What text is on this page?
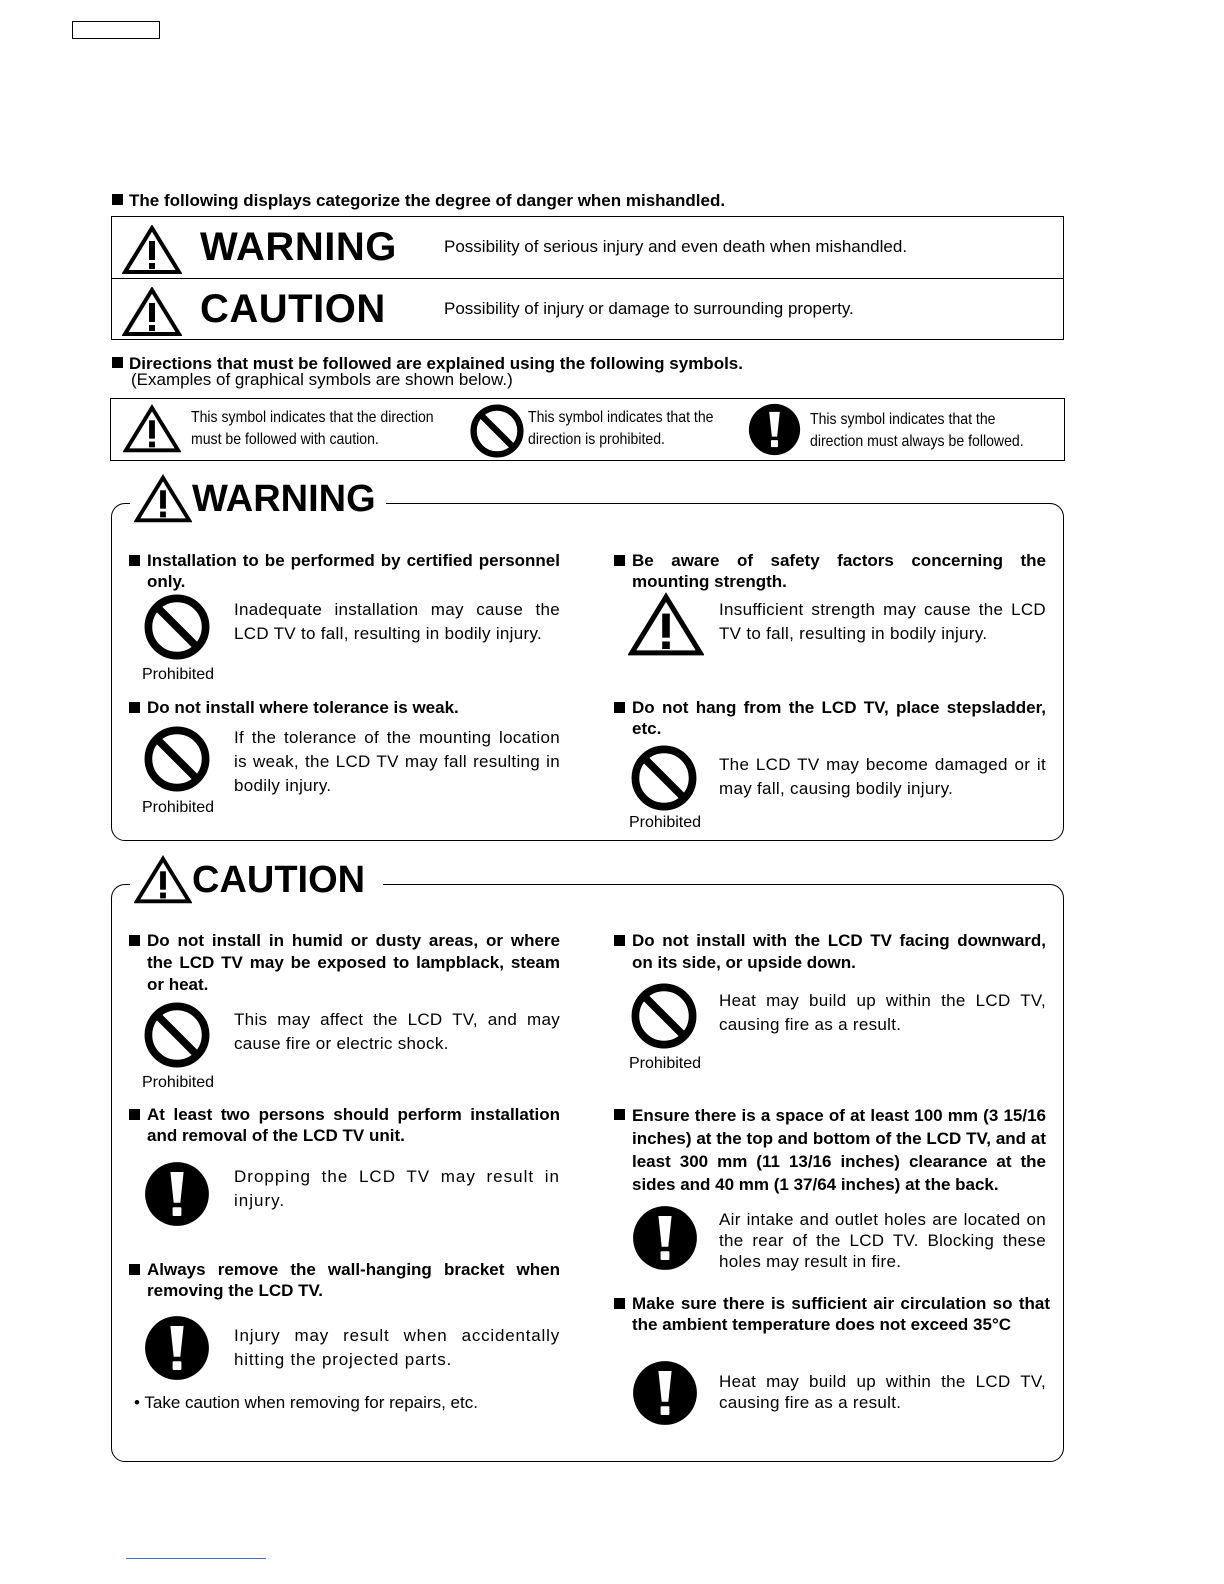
The following displays categorize the degree of danger when mishandled.
WARNING	Possibility of serious injury and even death when mishandled.
CAUTION	Possibility of injury or damage to surrounding property.
Directions that must be followed are explained using the following symbols.
(Examples of graphical symbols are shown below.)
This symbol indicates that the direction
must be followed with caution.
This symbol indicates that the
direction is prohibited.
This symbol indicates that the
direction must always be followed.
WARNING
Installation to be performed by certified personnel only.
Prohibited
Inadequate installation may cause the LCD TV to fall, resulting in bodily injury.
Be aware of safety factors concerning the mounting strength.
Insufficient strength may cause the LCD TV to fall, resulting in bodily injury.
Do not install where tolerance is weak.
Prohibited
If the tolerance of the mounting location is weak, the LCD TV may fall resulting in bodily injury.
Do not hang from the LCD TV, place stepsladder, etc.
Prohibited
The LCD TV may become damaged or it may fall, causing bodily injury.
CAUTION
Do not install in humid or dusty areas, or where the LCD TV may be exposed to lampblack, steam or heat.
Prohibited
This may affect the LCD TV, and may cause fire or electric shock.
At least two persons should perform installation and removal of the LCD TV unit.
Dropping the LCD TV may result in injury.
Always remove the wall-hanging bracket when removing the LCD TV.
Injury may result when accidentally hitting the projected parts.
• Take caution when removing for repairs, etc.
Do not install with the LCD TV facing downward, on its side, or upside down.
Prohibited
Heat may build up within the LCD TV, causing fire as a result.
Ensure there is a space of at least 100 mm (3 15/16 inches) at the top and bottom of the LCD TV, and at least 300 mm (11 13/16 inches) clearance at the sides and 40 mm (1 37/64 inches) at the back.
Air intake and outlet holes are located on the rear of the LCD TV. Blocking these holes may result in fire.
Make sure there is sufficient air circulation so that the ambient temperature does not exceed 35°C
Heat may build up within the LCD TV, causing fire as a result.
